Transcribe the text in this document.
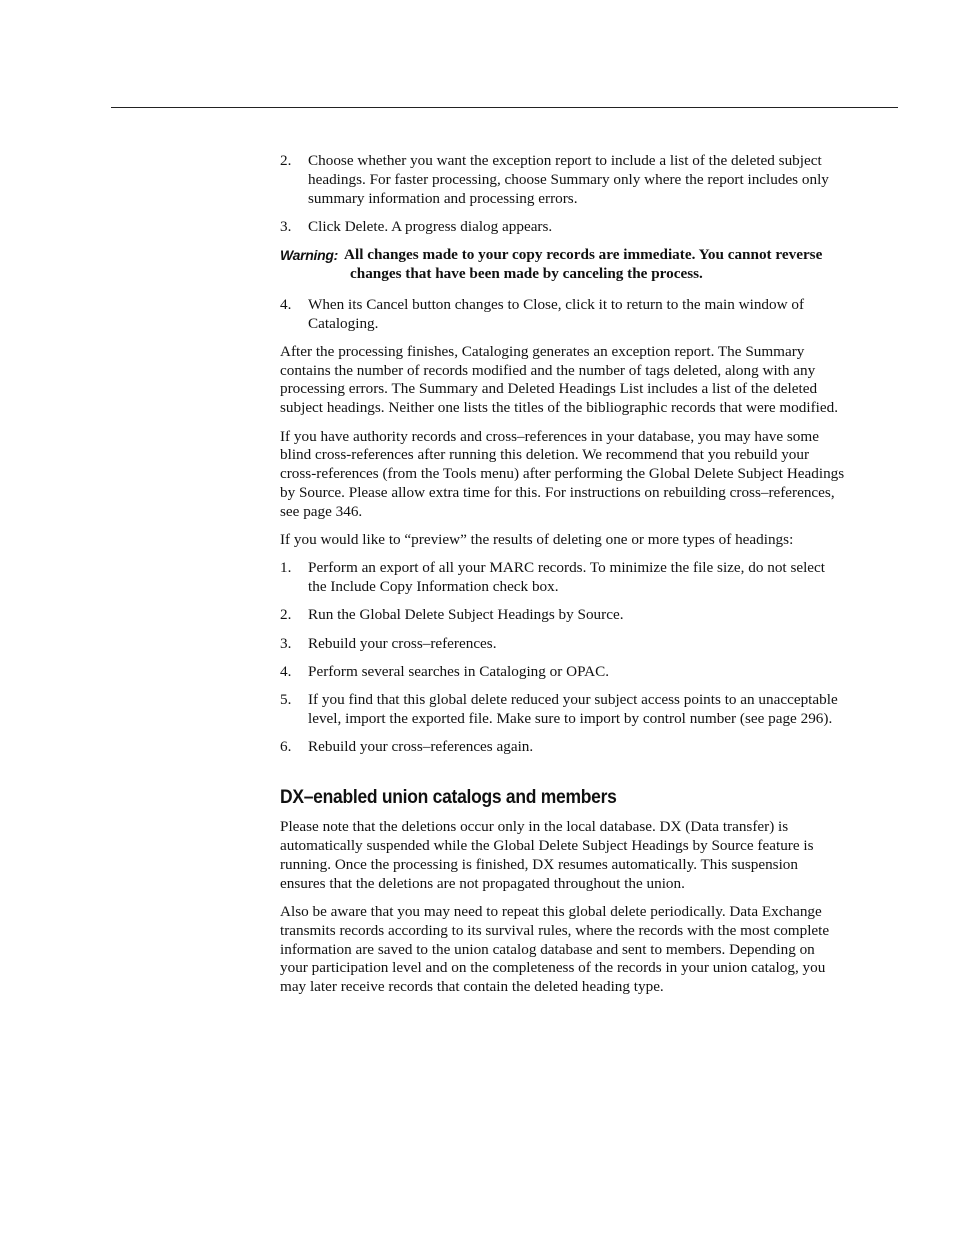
2. Choose whether you want the exception report to include a list of the deleted subject headings. For faster processing, choose Summary only where the report includes only summary information and processing errors.
3. Click Delete. A progress dialog appears.
Warning: All changes made to your copy records are immediate. You cannot reverse changes that have been made by canceling the process.
4. When its Cancel button changes to Close, click it to return to the main window of Cataloging.

After the processing finishes, Cataloging generates an exception report. The Summary contains the number of records modified and the number of tags deleted, along with any processing errors. The Summary and Deleted Headings List includes a list of the deleted subject headings. Neither one lists the titles of the bibliographic records that were modified.

If you have authority records and cross–references in your database, you may have some blind cross-references after running this deletion. We recommend that you rebuild your cross-references (from the Tools menu) after performing the Global Delete Subject Headings by Source. Please allow extra time for this. For instructions on rebuilding cross–references, see page 346.

If you would like to “preview” the results of deleting one or more types of headings:

1. Perform an export of all your MARC records. To minimize the file size, do not select the Include Copy Information check box.
2. Run the Global Delete Subject Headings by Source.
3. Rebuild your cross–references.
4. Perform several searches in Cataloging or OPAC.
5. If you find that this global delete reduced your subject access points to an unacceptable level, import the exported file. Make sure to import by control number (see page 296).
6. Rebuild your cross–references again.
DX–enabled union catalogs and members

Please note that the deletions occur only in the local database. DX (Data transfer) is automatically suspended while the Global Delete Subject Headings by Source feature is running. Once the processing is finished, DX resumes automatically. This suspension ensures that the deletions are not propagated throughout the union.

Also be aware that you may need to repeat this global delete periodically. Data Exchange transmits records according to its survival rules, where the records with the most complete information are saved to the union catalog database and sent to members. Depending on your participation level and on the completeness of the records in your union catalog, you may later receive records that contain the deleted heading type.
